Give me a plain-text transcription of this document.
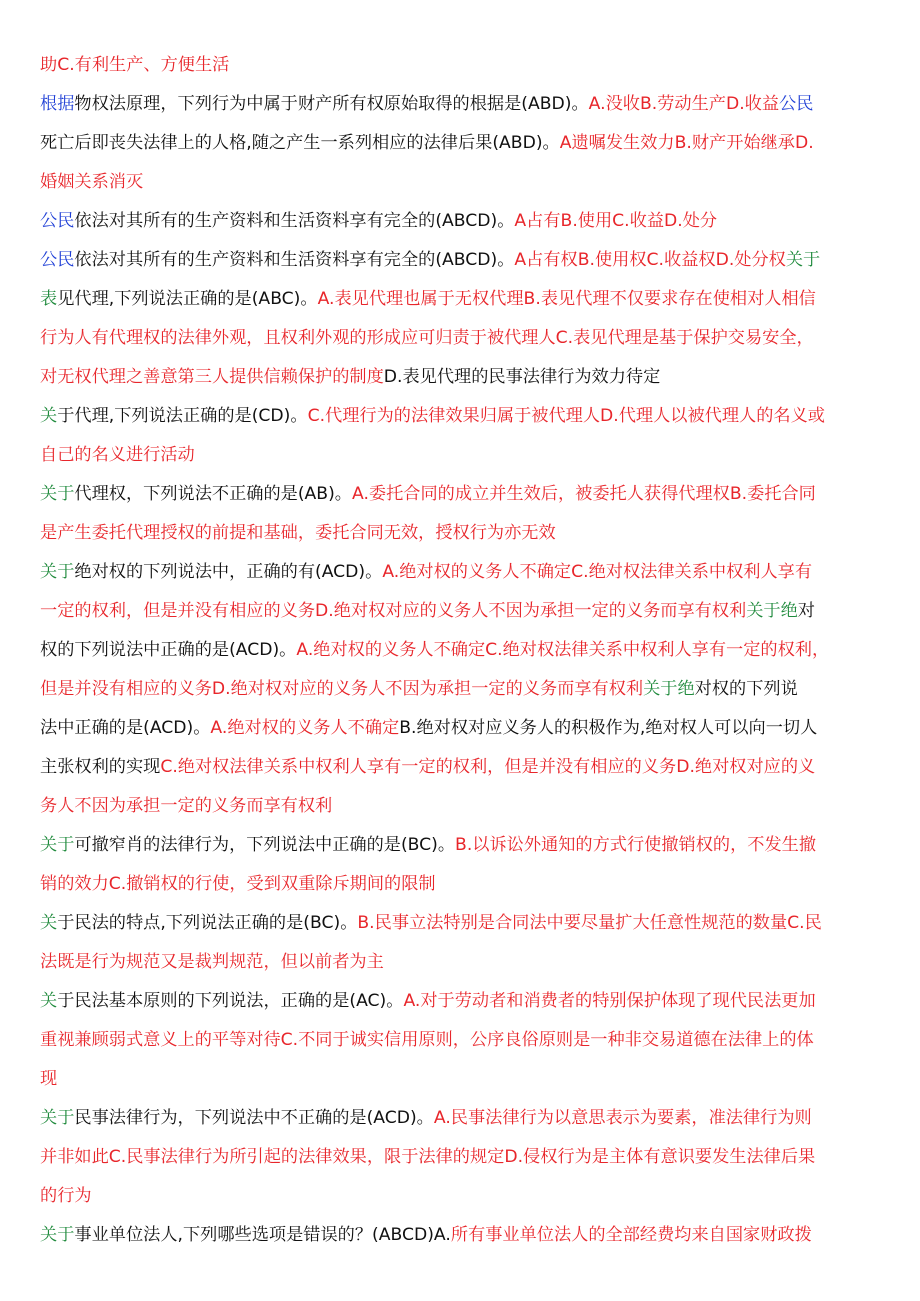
助C.有利生产、方便生活
根据物权法原理，下列行为中属于财产所有权原始取得的根据是(ABD)。A.没收B.劳动生产D.收益公民
死亡后即丧失法律上的人格,随之产生一系列相应的法律后果(ABD)。A遗嘱发生效力B.财产开始继承D.
婚姻关系消灭
公民依法对其所有的生产资料和生活资料享有完全的(ABCD)。A占有B.使用C.收益D.处分
公民依法对其所有的生产资料和生活资料享有完全的(ABCD)。A占有权B.使用权C.收益权D.处分权关于
表见代理,下列说法正确的是(ABC)。A.表见代理也属于无权代理B.表见代理不仅要求存在使相对人相信
行为人有代理权的法律外观，且权利外观的形成应可归责于被代理人C.表见代理是基于保护交易安全，
对无权代理之善意第三人提供信赖保护的制度D.表见代理的民事法律行为效力待定
关于代理,下列说法正确的是(CD)。C.代理行为的法律效果归属于被代理人D.代理人以被代理人的名义或
自己的名义进行活动
关于代理权，下列说法不正确的是(AB)。A.委托合同的成立并生效后，被委托人获得代理权B.委托合同
是产生委托代理授权的前提和基础，委托合同无效，授权行为亦无效
关于绝对权的下列说法中，正确的有(ACD)。A.绝对权的义务人不确定C.绝对权法律关系中权利人享有
一定的权利，但是并没有相应的义务D.绝对权对应的义务人不因为承担一定的义务而享有权利关于绝对
权的下列说法中正确的是(ACD)。A.绝对权的义务人不确定C.绝对权法律关系中权利人享有一定的权利，
但是并没有相应的义务D.绝对权对应的义务人不因为承担一定的义务而享有权利关于绝对权的下列说
法中正确的是(ACD)。A.绝对权的义务人不确定B.绝对权对应义务人的积极作为,绝对权人可以向一切人
主张权利的实现C.绝对权法律关系中权利人享有一定的权利，但是并没有相应的义务D.绝对权对应的义
务人不因为承担一定的义务而享有权利
关于可撤窄肖的法律行为，下列说法中正确的是(BC)。B.以诉讼外通知的方式行使撤销权的，不发生撤
销的效力C.撤销权的行使，受到双重除斥期间的限制
关于民法的特点,下列说法正确的是(BC)。B.民事立法特别是合同法中要尽量扩大任意性规范的数量C.民
法既是行为规范又是裁判规范，但以前者为主
关于民法基本原则的下列说法，正确的是(AC)。A.对于劳动者和消费者的特别保护体现了现代民法更加
重视兼顾弱式意义上的平等对待C.不同于诚实信用原则，公序良俗原则是一种非交易道德在法律上的体
现
关于民事法律行为，下列说法中不正确的是(ACD)。A.民事法律行为以意思表示为要素，准法律行为则
并非如此C.民事法律行为所引起的法律效果，限于法律的规定D.侵权行为是主体有意识要发生法律后果
的行为
关于事业单位法人,下列哪些选项是错误的？(ABCD)A.所有事业单位法人的全部经费均来自国家财政拨
